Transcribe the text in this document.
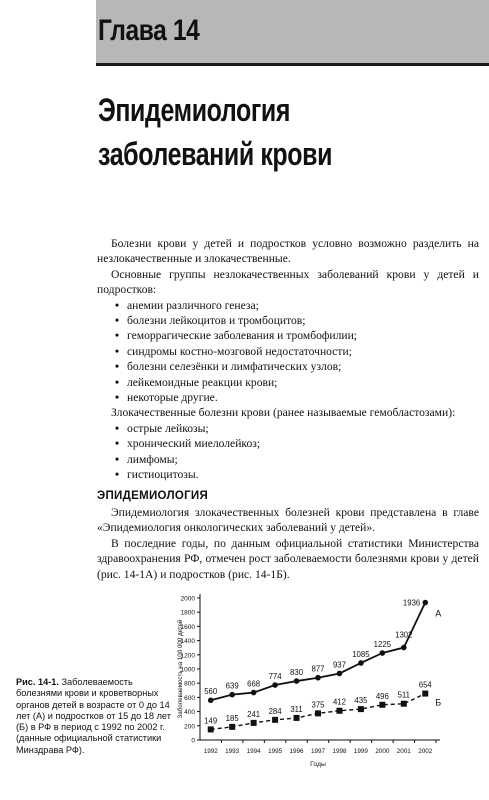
Глава 14
Эпидемиология
заболеваний крови

Болезни крови у детей и подростков условно возможно разделить на незлокачественные и злокачественные.

Основные группы незлокачественных заболеваний крови у детей и подростков:

• анемии различного генеза;
• болезни лейкоцитов и тромбоцитов;
• геморрагические заболевания и тромбофилии;
• синдромы костно-мозговой недостаточности;
• болезни селезёнки и лимфатических узлов;
• лейкемоидные реакции крови;
• некоторые другие.

Злокачественные болезни крови (ранее называемые гемобластозами):

• острые лейкозы;
• хронический миелолейкоз;
• лимфомы;
• гистиоцитозы.
ЭПИДЕМИОЛОГИЯ

Эпидемиология злокачественных болезней крови представлена в главе «Эпидемиология онкологических заболеваний у детей».

В последние годы, по данным официальной статистики Министерства здравоохранения РФ, отмечен рост заболеваемости болезнями крови у детей (рис. 14-1А) и подростков (рис. 14-1Б).

Рис. 14-1. Заболеваемость болезнями крови и кроветворных органов детей в возрасте от 0 до 14 лет (А) и подростков от 15 до 18 лет (Б) в РФ в период с 1992 по 2002 г. (данные официальной статистики Минздрава РФ).
0
200
400
600
800
1000
1200
1400
1600
1800
2000
1992 1993 1994 1995 1996 1997 1998 1999 2000 2001 2002
Годы
Заболеваемость на 100 000 детей	560
639 668
774 830 877 937
1085
1225
1302
1936
А
149 185 241 284 311
375 412 435 496 511
654
Б
